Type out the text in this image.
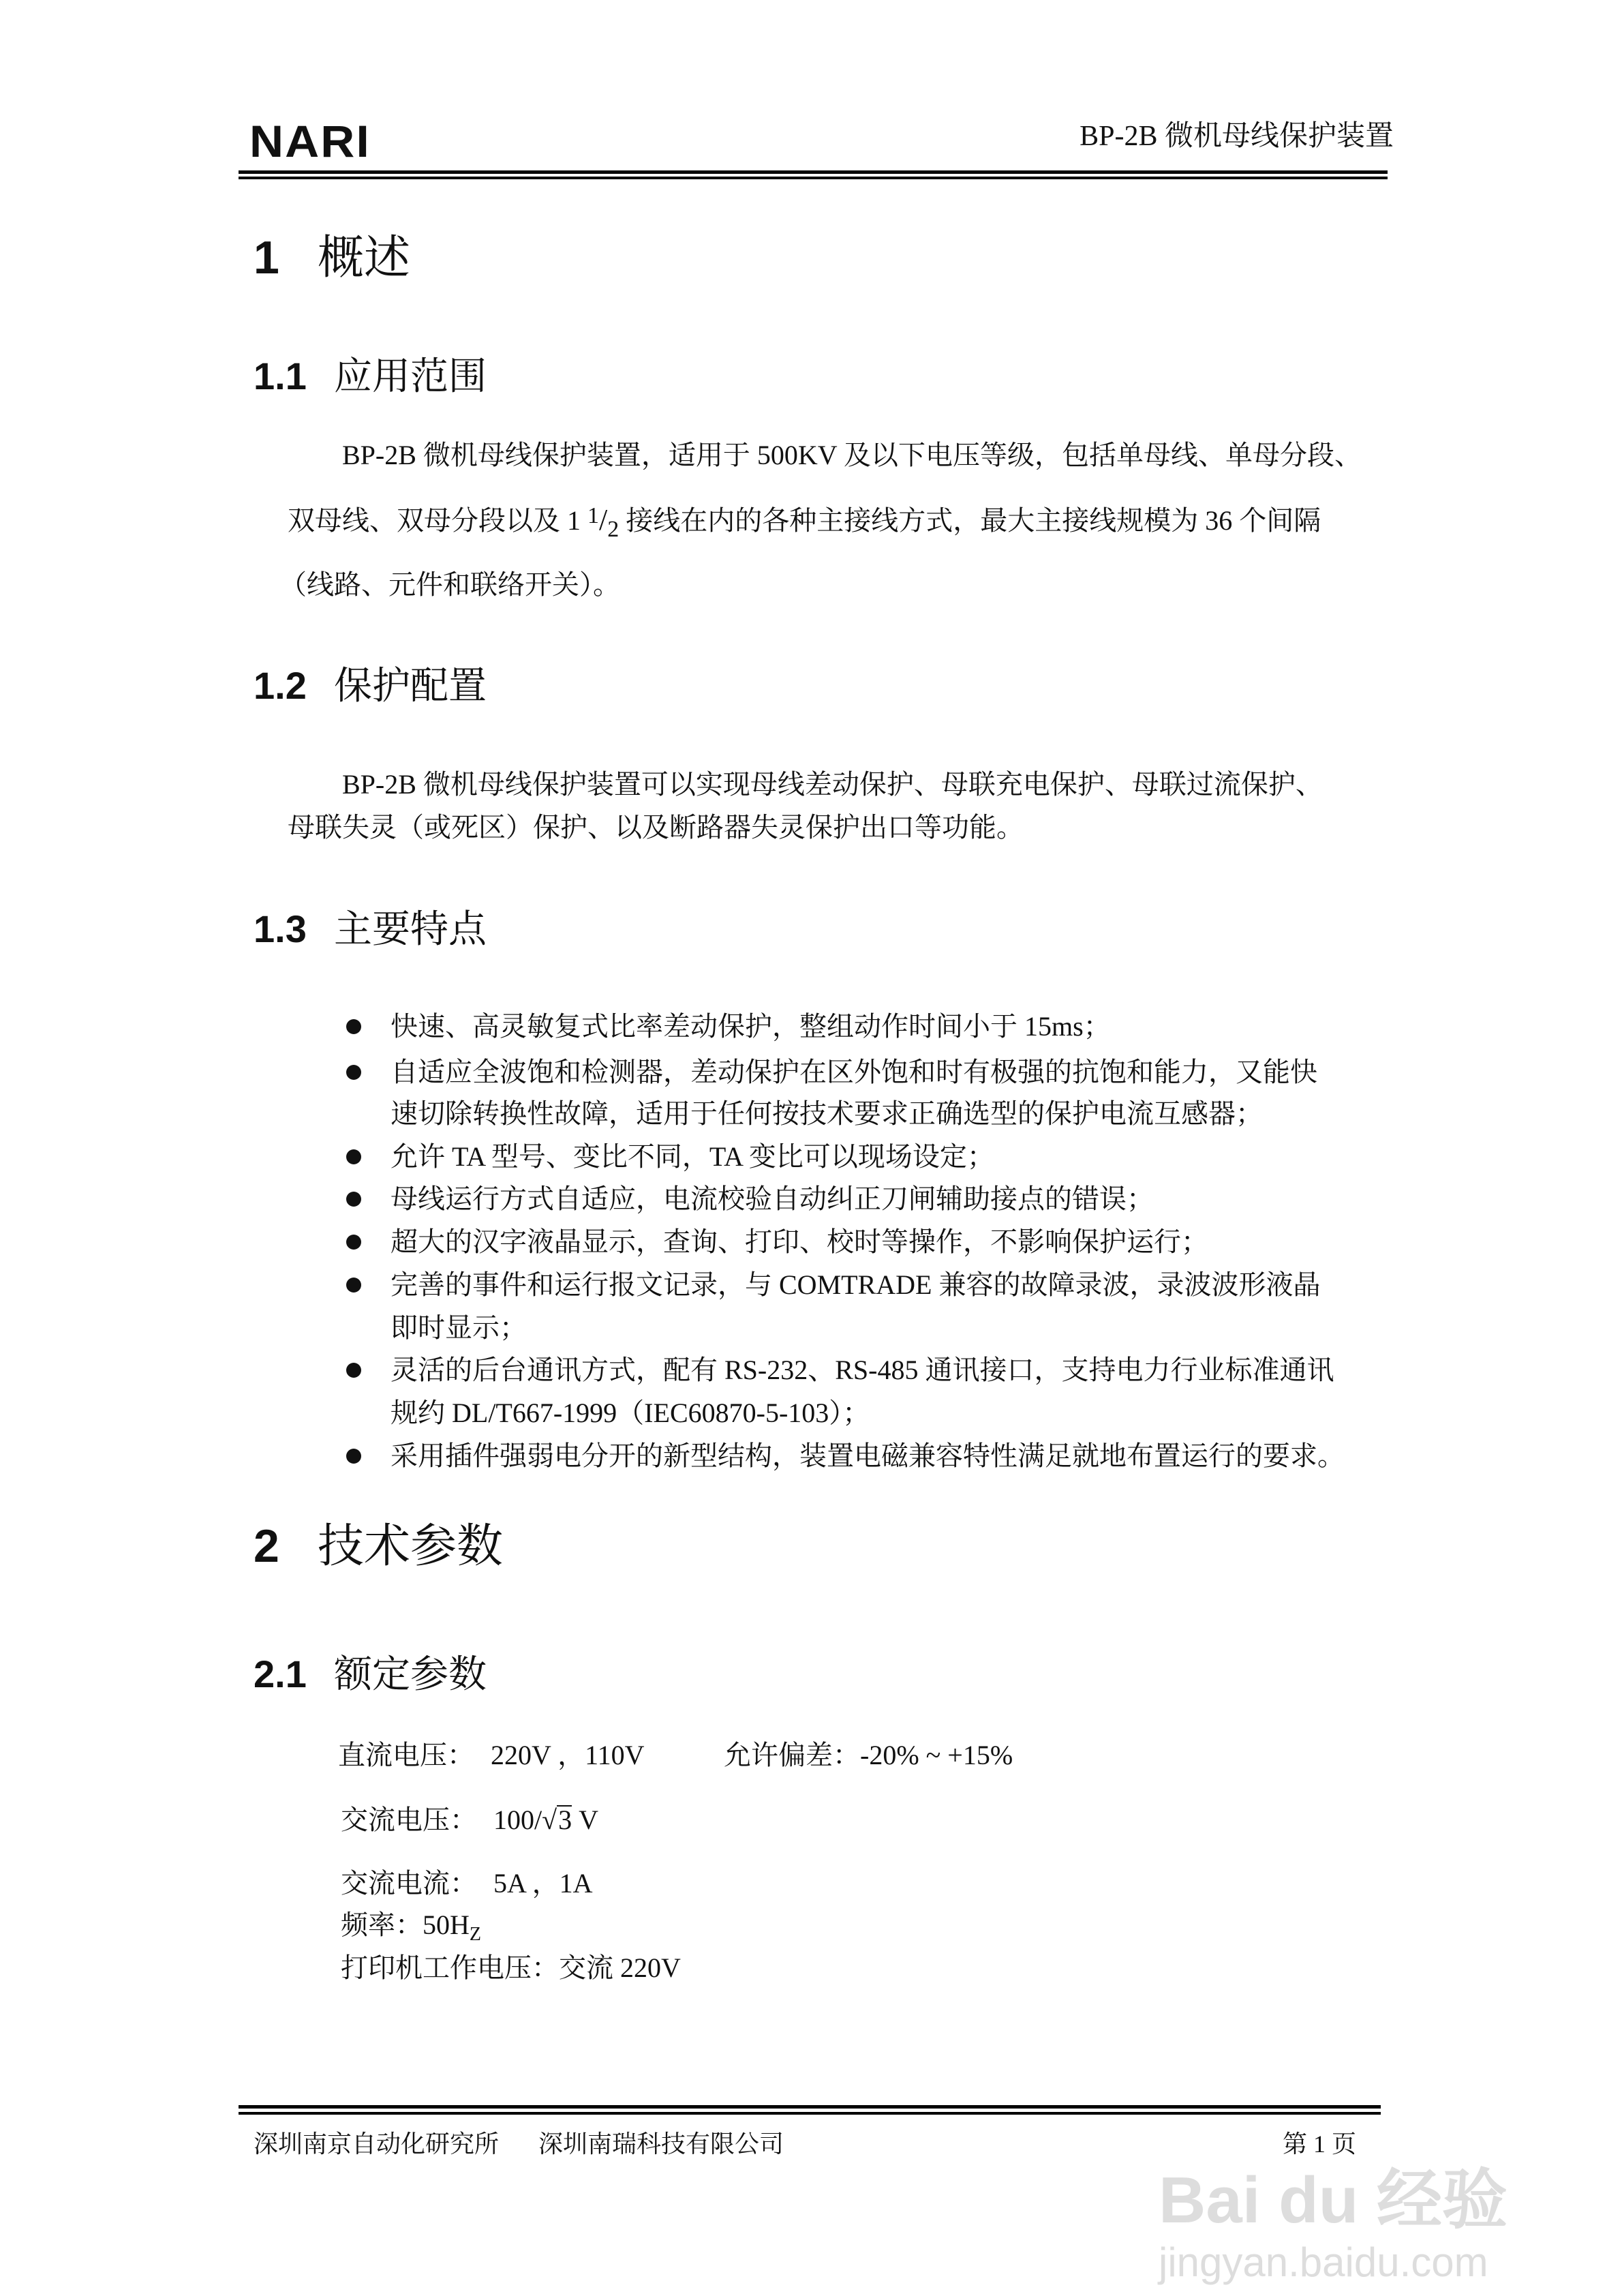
NARI	BP-2B 微机母线保护装置
1 概述
1.1 应用范围
BP-2B 微机母线保护装置，适用于 500KV 及以下电压等级，包括单母线、单母分段、
双母线、双母分段以及 1 $^1/_2$ 接线在内的各种主接线方式，最大主接线规模为 36 个间隔
（线路、元件和联络开关）。
1.2 保护配置
BP-2B 微机母线保护装置可以实现母线差动保护、母联充电保护、母联过流保护、
母联失灵（或死区）保护、以及断路器失灵保护出口等功能。
1.3 主要特点
快速、高灵敏复式比率差动保护，整组动作时间小于 15ms；
自适应全波饱和检测器，差动保护在区外饱和时有极强的抗饱和能力，又能快
速切除转换性故障，适用于任何按技术要求正确选型的保护电流互感器；
允许 TA 型号、变比不同，TA 变比可以现场设定；
母线运行方式自适应，电流校验自动纠正刀闸辅助接点的错误；
超大的汉字液晶显示，查询、打印、校时等操作，不影响保护运行；
完善的事件和运行报文记录，与 COMTRADE 兼容的故障录波，录波波形液晶
即时显示；
灵活的后台通讯方式，配有 RS-232、RS-485 通讯接口，支持电力行业标准通讯
规约 DL/T667-1999（IEC60870-5-103）；
采用插件强弱电分开的新型结构，装置电磁兼容特性满足就地布置运行的要求。
2 技术参数
2.1 额定参数
直流电压： 220V ，110V	允许偏差：-20% ~ +15%
交流电压： 100/√3 V
交流电流： 5A ，1A
频率：$50H_Z$
打印机工作电压：交流 220V
深圳南京自动化研究所 深圳南瑞科技有限公司	第 1 页
Bai du 经验
jingyan.baidu.com
